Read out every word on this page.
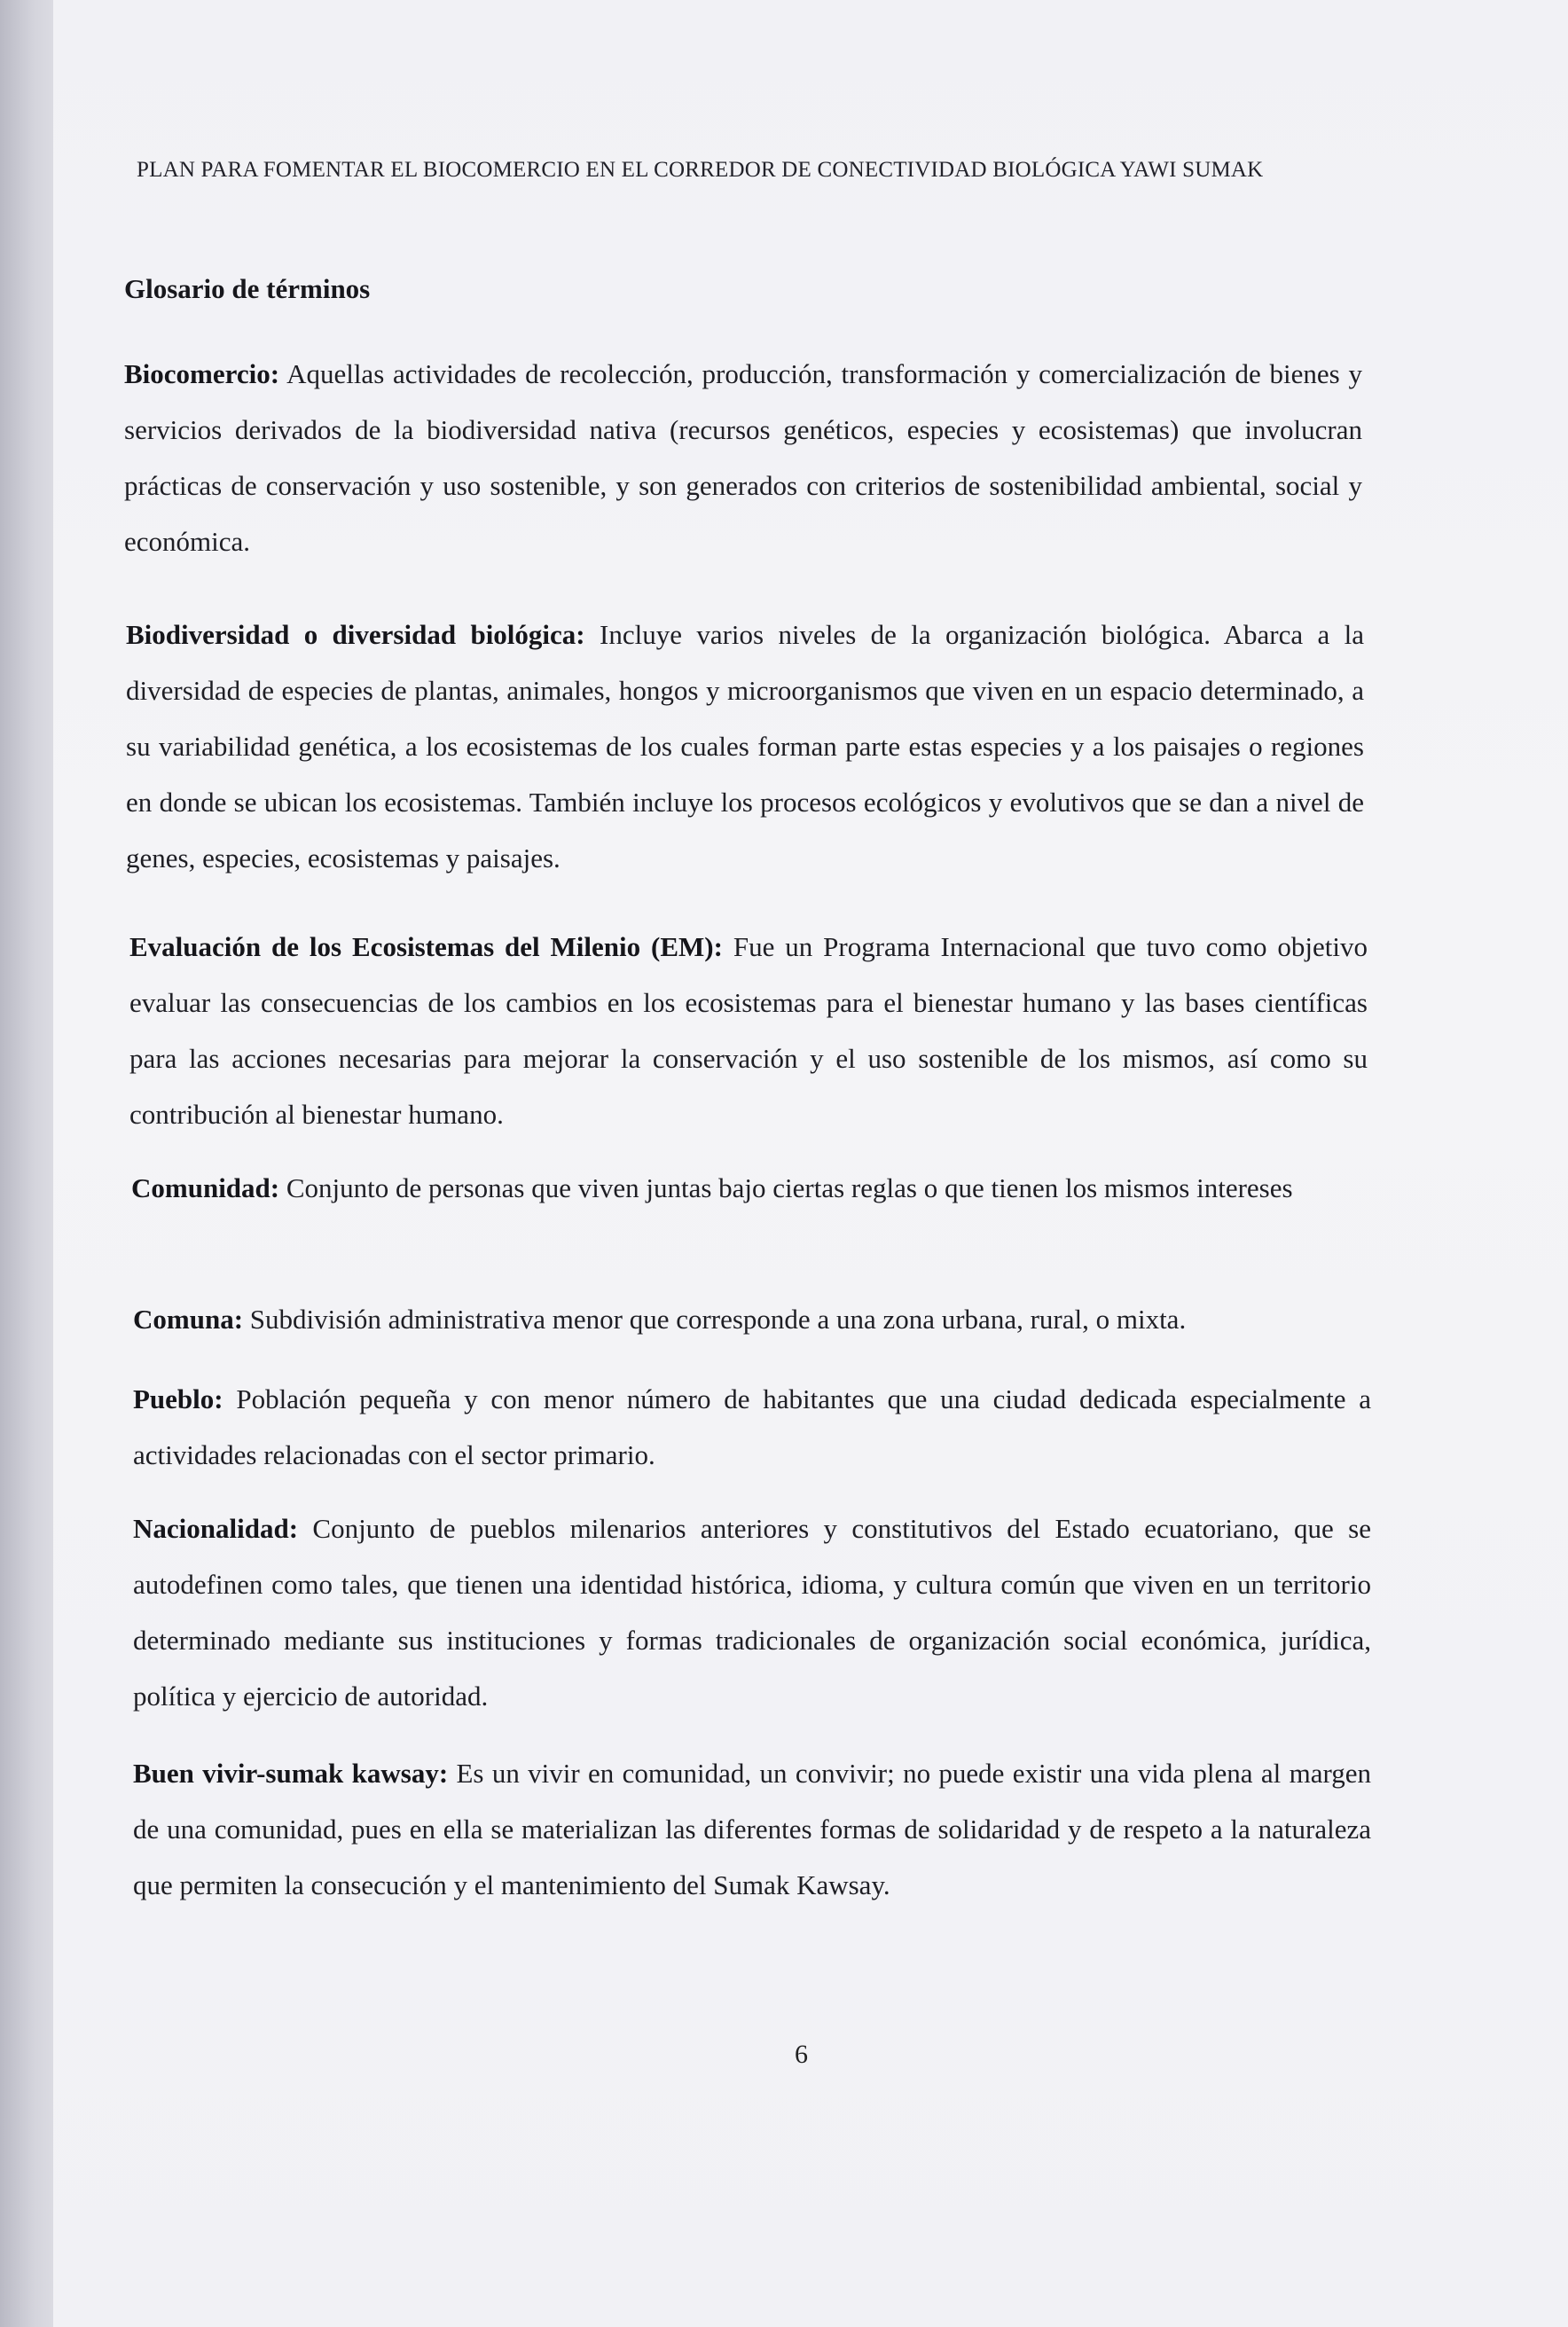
PLAN PARA FOMENTAR EL BIOCOMERCIO EN EL CORREDOR DE CONECTIVIDAD BIOLÓGICA YAWI SUMAK
Glosario de términos

Biocomercio: Aquellas actividades de recolección, producción, transformación y comercialización de bienes y servicios derivados de la biodiversidad nativa (recursos genéticos, especies y ecosistemas) que involucran prácticas de conservación y uso sostenible, y son generados con criterios de sostenibilidad ambiental, social y económica.

Biodiversidad o diversidad biológica: Incluye varios niveles de la organización biológica. Abarca a la diversidad de especies de plantas, animales, hongos y microorganismos que viven en un espacio determinado, a su variabilidad genética, a los ecosistemas de los cuales forman parte estas especies y a los paisajes o regiones en donde se ubican los ecosistemas. También incluye los procesos ecológicos y evolutivos que se dan a nivel de genes, especies, ecosistemas y paisajes.

Evaluación de los Ecosistemas del Milenio (EM): Fue un Programa Internacional que tuvo como objetivo evaluar las consecuencias de los cambios en los ecosistemas para el bienestar humano y las bases científicas para las acciones necesarias para mejorar la conservación y el uso sostenible de los mismos, así como su contribución al bienestar humano.

Comunidad: Conjunto de personas que viven juntas bajo ciertas reglas o que tienen los mismos intereses

Comuna: Subdivisión administrativa menor que corresponde a una zona urbana, rural, o mixta.

Pueblo: Población pequeña y con menor número de habitantes que una ciudad dedicada especialmente a actividades relacionadas con el sector primario.

Nacionalidad: Conjunto de pueblos milenarios anteriores y constitutivos del Estado ecuatoriano, que se autodefinen como tales, que tienen una identidad histórica, idioma, y cultura común que viven en un territorio determinado mediante sus instituciones y formas tradicionales de organización social económica, jurídica, política y ejercicio de autoridad.

Buen vivir-sumak kawsay: Es un vivir en comunidad, un convivir; no puede existir una vida plena al margen de una comunidad, pues en ella se materializan las diferentes formas de solidaridad y de respeto a la naturaleza que permiten la consecución y el mantenimiento del Sumak Kawsay.

6
